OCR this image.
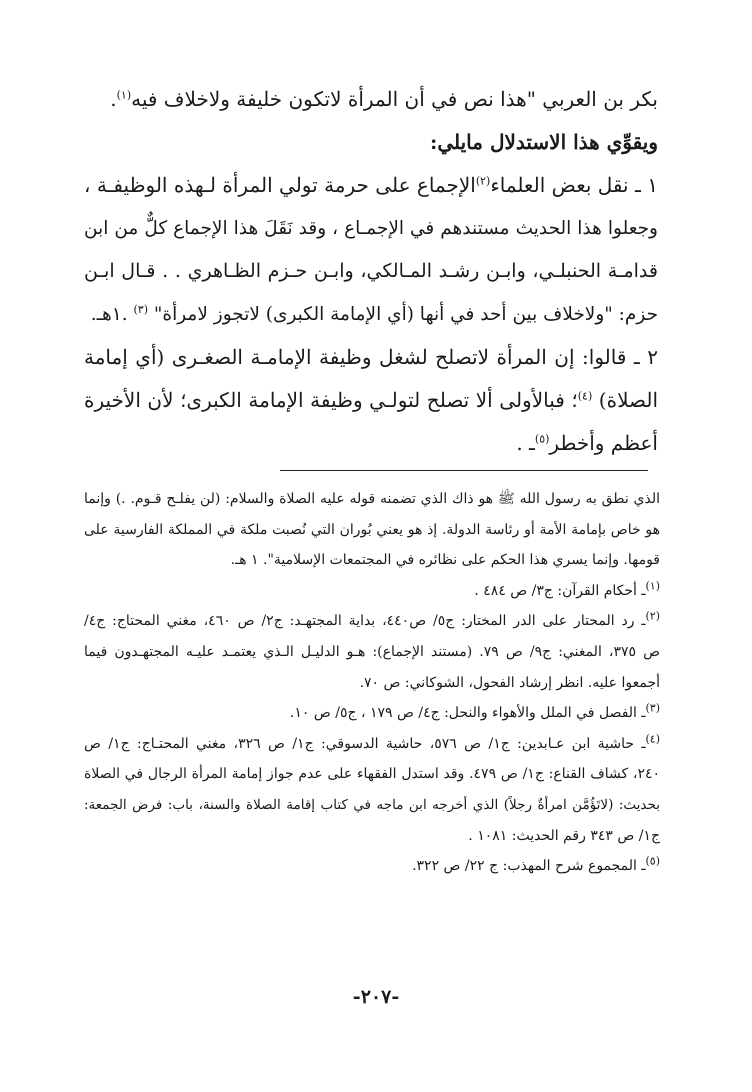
بكر بن العربي "هذا نص في أن المرأة لاتكون خليفة ولاخلاف فيه$^{(١)}$.
ويقوِّي هذا الاستدلال مايلي:
١ ـ نقل بعض العلماء$^{(٢)}$الإجماع على حرمة تولي المرأة لـهذه الوظيفـة ،
وجعلوا هذا الحديث مستندهم في الإجمـاع ، وقد نَقَلَ هذا الإجماع كلٌّ من ابن
قدامـة الحنبلـي، وابـن رشـد المـالكي، وابـن حـزم الظـاهري . . قـال ابـن
حزم: "ولاخلاف بين أحد في أنها (أي الإمامة الكبرى) لاتجوز لامرأة" $^{(٣)}$ .١هـ.
٢ ـ قالوا: إن المرأة لاتصلح لشغل وظيفة الإمامـة الصغـرى (أي إمامة
الصلاة) $^{(٤)}$؛ فبالأولى ألا تصلح لتولـي وظيفة الإمامة الكبرى؛ لأن الأخيرة
أعظم وأخطر$^{(٥)}$ـ .
الذي نطق به رسول الله ﷺ هو ذاك الذي تضمنه قوله عليه الصلاة والسلام: (لن يفلـح قـوم. .) وإنما
هو خاص بإمامة الأمة أو رئاسة الدولة. إذ هو يعني بُوران التي نُصبت ملكة في المملكة الفارسية على
قومها. وإنما يسري هذا الحكم على نظائره في المجتمعات الإسلامية". ١ هـ.
$^{(١)}$ـ أحكام القرآن: ج٣/ ص ٤٨٤ .
$^{(٢)}$ـ رد المحتار على الدر المختار: ج٥/ ص٤٤٠، بداية المجتهـد: ج٢/ ص ٤٦٠، مغني المحتاج: ج٤/
ص ٣٧٥، المغني: ج٩/ ص ٧٩. (مستند الإجماع): هـو الدليـل الـذي يعتمـد عليـه المجتهـدون فيما
أجمعوا عليه. انظر إرشاد الفحول، الشوكاني: ص ٧٠.
$^{(٣)}$ـ الفصل في الملل والأهواء والنحل: ج٤/ ص ١٧٩ ، ج٥/ ص ١٠.
$^{(٤)}$ـ حاشية ابن عـابدين: ج١/ ص ٥٧٦، حاشية الدسوقي: ج١/ ص ٣٢٦، مغني المحتـاج: ج١/ ص
٢٤٠، كشاف القناع: ج١/ ص ٤٧٩. وقد استدل الفقهاء على عدم جواز إمامة المرأة الرجال في الصلاة
بحديث: (لاتَؤُمَّن امرأةٌ رجلاً) الذي أخرجه ابن ماجه في كتاب إقامة الصلاة والسنة، باب: فرض الجمعة:
ج١/ ص ٣٤٣ رقم الحديث: ١٠٨١ .
$^{(٥)}$ـ المجموع شرح المهذب: ج ٢٢/ ص ٣٢٢.
-٢٠٧-
